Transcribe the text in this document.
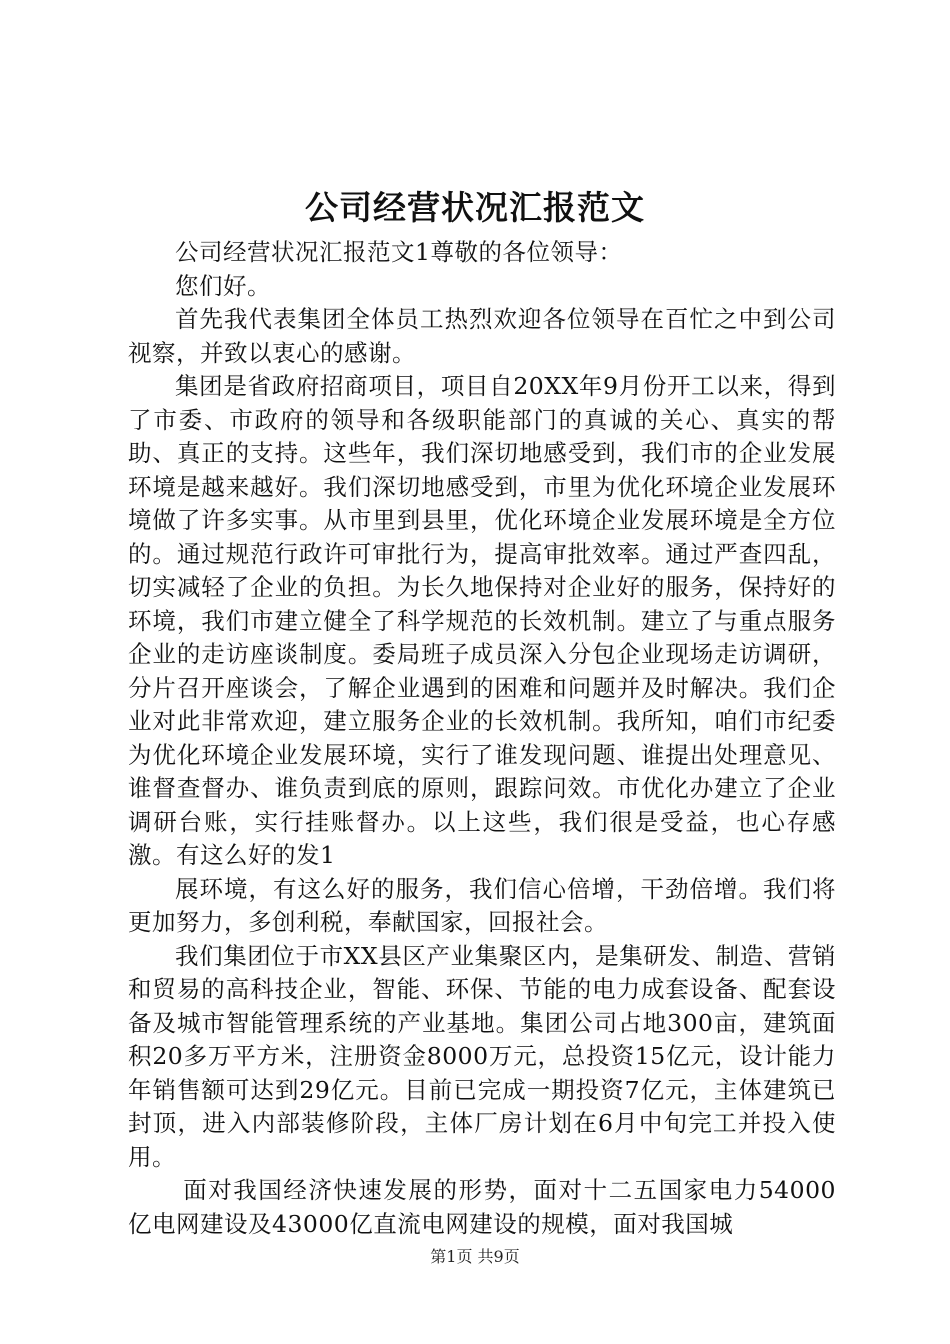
公司经营状况汇报范文

公司经营状况汇报范文1尊敬的各位领导：

您们好。

首先我代表集团全体员工热烈欢迎各位领导在百忙之中到公司视察，并致以衷心的感谢。

集团是省政府招商项目，项目自20XX年9月份开工以来，得到了市委、市政府的领导和各级职能部门的真诚的关心、真实的帮助、真正的支持。这些年，我们深切地感受到，我们市的企业发展环境是越来越好。我们深切地感受到，市里为优化环境企业发展环境做了许多实事。从市里到县里，优化环境企业发展环境是全方位的。通过规范行政许可审批行为，提高审批效率。通过严查四乱，切实减轻了企业的负担。为长久地保持对企业好的服务，保持好的环境，我们市建立健全了科学规范的长效机制。建立了与重点服务企业的走访座谈制度。委局班子成员深入分包企业现场走访调研，分片召开座谈会，了解企业遇到的困难和问题并及时解决。我们企业对此非常欢迎，建立服务企业的长效机制。我所知，咱们市纪委为优化环境企业发展环境，实行了谁发现问题、谁提出处理意见、谁督查督办、谁负责到底的原则，跟踪问效。市优化办建立了企业调研台账，实行挂账督办。以上这些，我们很是受益，也心存感激。有这么好的发1

展环境，有这么好的服务，我们信心倍增，干劲倍增。我们将更加努力，多创利税，奉献国家，回报社会。

我们集团位于市XX县区产业集聚区内，是集研发、制造、营销和贸易的高科技企业，智能、环保、节能的电力成套设备、配套设备及城市智能管理系统的产业基地。集团公司占地300亩，建筑面积20多万平方米，注册资金8000万元，总投资15亿元，设计能力年销售额可达到29亿元。目前已完成一期投资7亿元，主体建筑已封顶，进入内部装修阶段，主体厂房计划在6月中旬完工并投入使用。

面对我国经济快速发展的形势，面对十二五国家电力54000亿电网建设及43000亿直流电网建设的规模，面对我国城

第1页 共9页
